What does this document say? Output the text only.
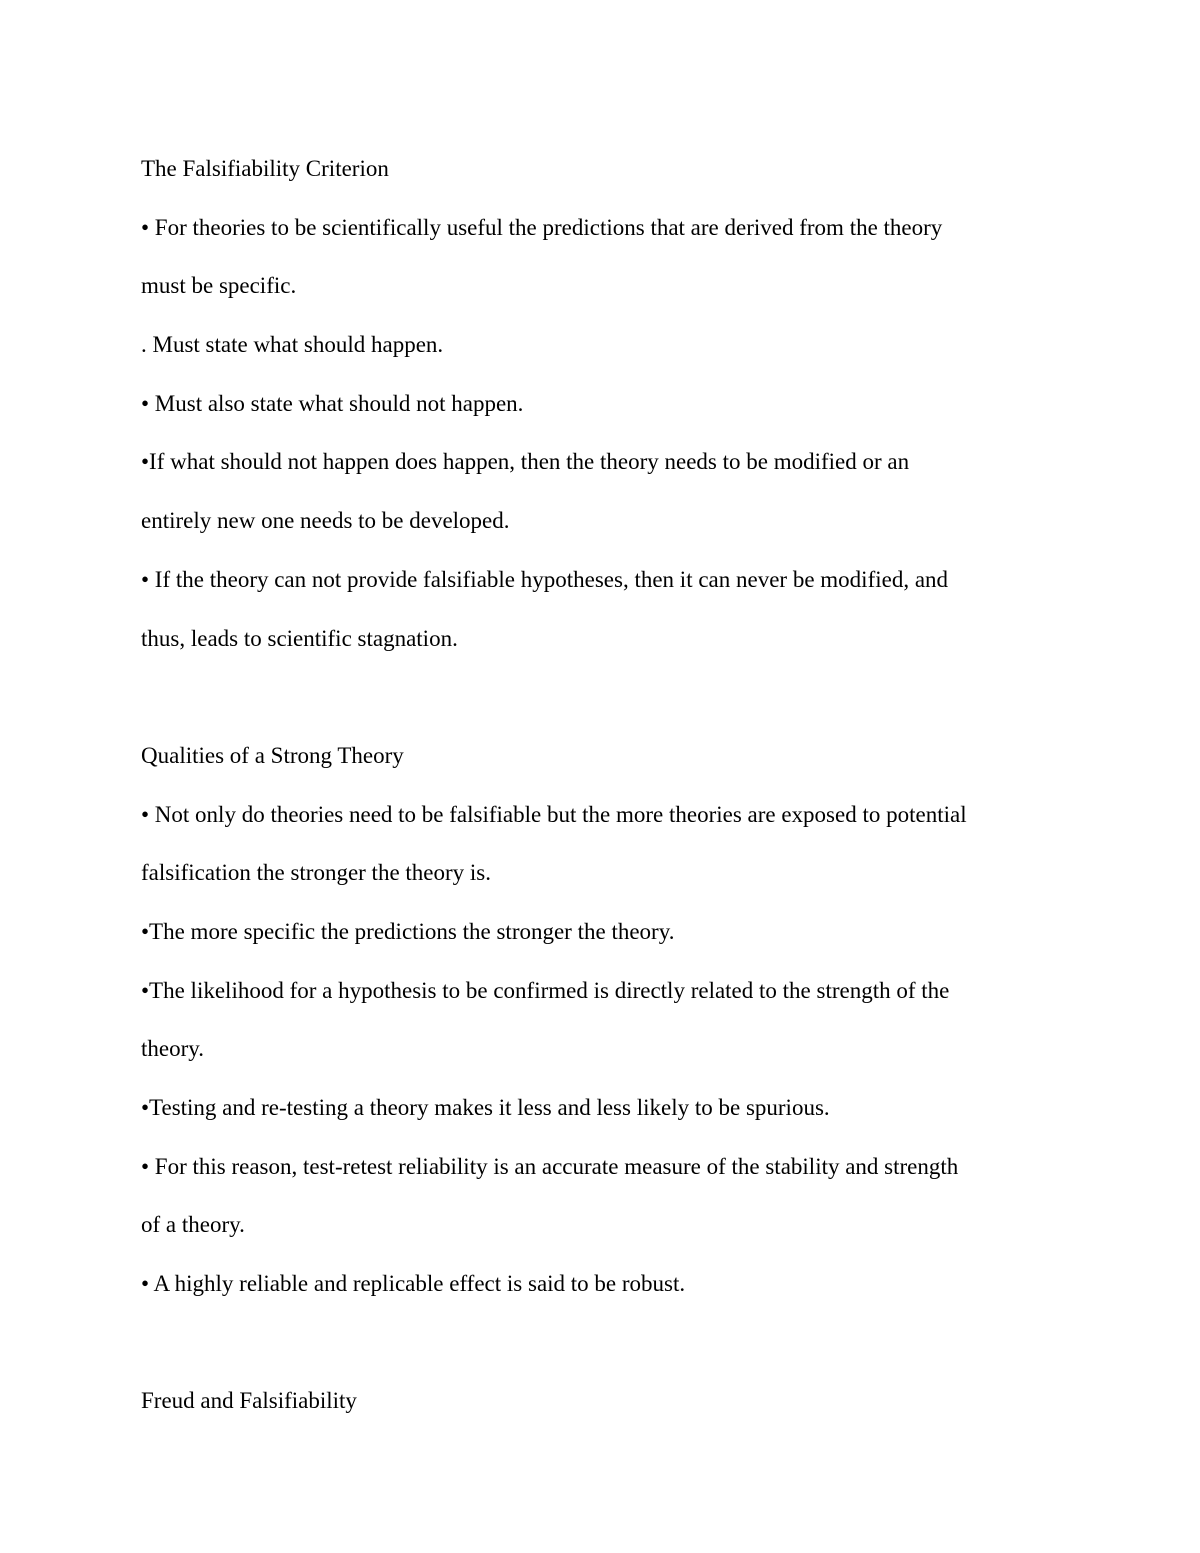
The Falsifiability Criterion

• For theories to be scientifically useful the predictions that are derived from the theory

must be specific.

. Must state what should happen.

• Must also state what should not happen.

•If what should not happen does happen, then the theory needs to be modified or an

entirely new one needs to be developed.

• If the theory can not provide falsifiable hypotheses, then it can never be modified, and

thus, leads to scientific stagnation.

Qualities of a Strong Theory

• Not only do theories need to be falsifiable but the more theories are exposed to potential

falsification the stronger the theory is.

•The more specific the predictions the stronger the theory.

•The likelihood for a hypothesis to be confirmed is directly related to the strength of the

theory.

•Testing and re-testing a theory makes it less and less likely to be spurious.

• For this reason, test-retest reliability is an accurate measure of the stability and strength

of a theory.

• A highly reliable and replicable effect is said to be robust.

Freud and Falsifiability
